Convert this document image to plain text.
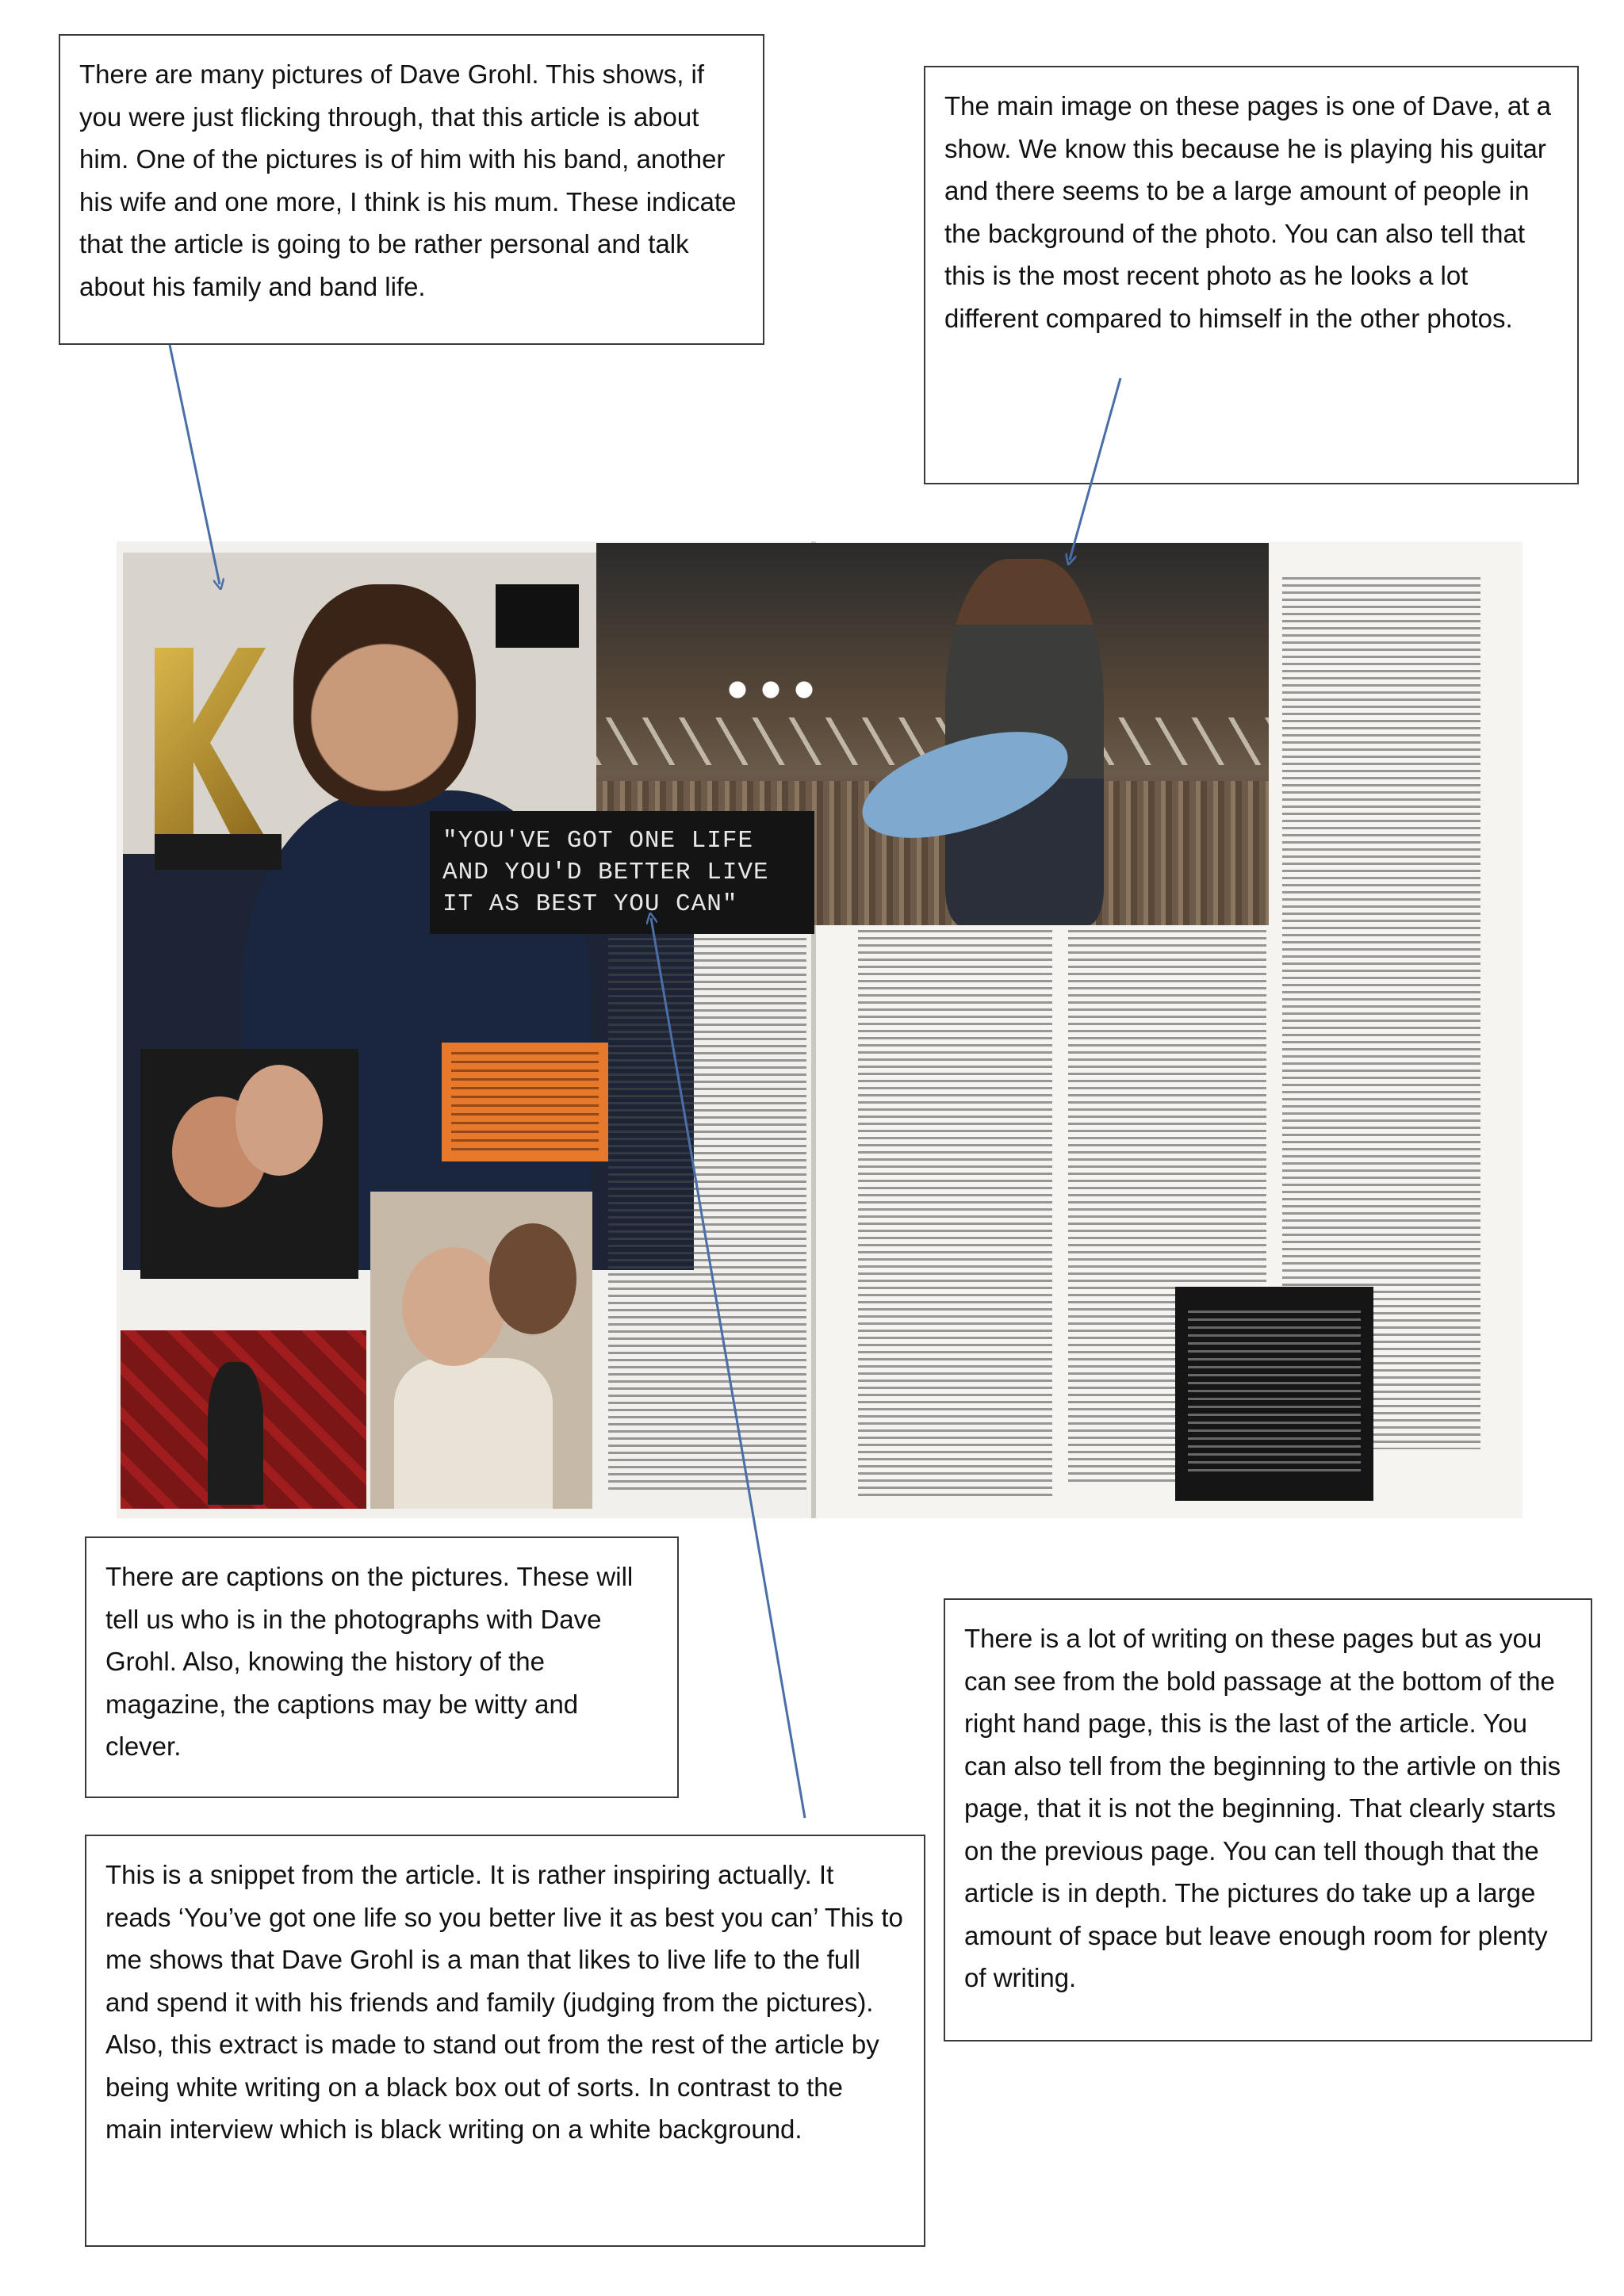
"YOU'VE GOT ONE LIFE AND YOU'D BETTER LIVE IT AS BEST YOU CAN"
There are many pictures of Dave Grohl. This shows, if you were just flicking through, that this article is about him. One of the pictures is of him with his band, another his wife and one more, I think is his mum. These indicate that the article is going to be rather personal and talk about his family and band life.
The main image on these pages is one of Dave, at a show. We know this because he is playing his guitar and there seems to be a large amount of people in the background of the photo. You can also tell that this is the most recent photo as he looks a lot different compared to himself in the other photos.
There are captions on the pictures. These will tell us who is in the photographs with Dave Grohl. Also, knowing the history of the magazine, the captions may be witty and clever.
There is a lot of writing on these pages but as you can see from the bold passage at the bottom of the right hand page, this is the last of the article. You can also tell from the beginning to the artivle on this page, that it is not the beginning. That clearly starts on the previous page. You can tell though that the article is in depth. The pictures do take up a large amount of space but leave enough room for plenty of writing.
This is a snippet from the article. It is rather inspiring actually. It reads ‘You’ve got one life so you better live it as best you can’ This to me shows that Dave Grohl is a man that likes to live life to the full and spend it with his friends and family (judging from the pictures). Also, this extract is made to stand out from the rest of the article by being white writing on a black box out of sorts. In contrast to the main interview which is black writing on a white background.
